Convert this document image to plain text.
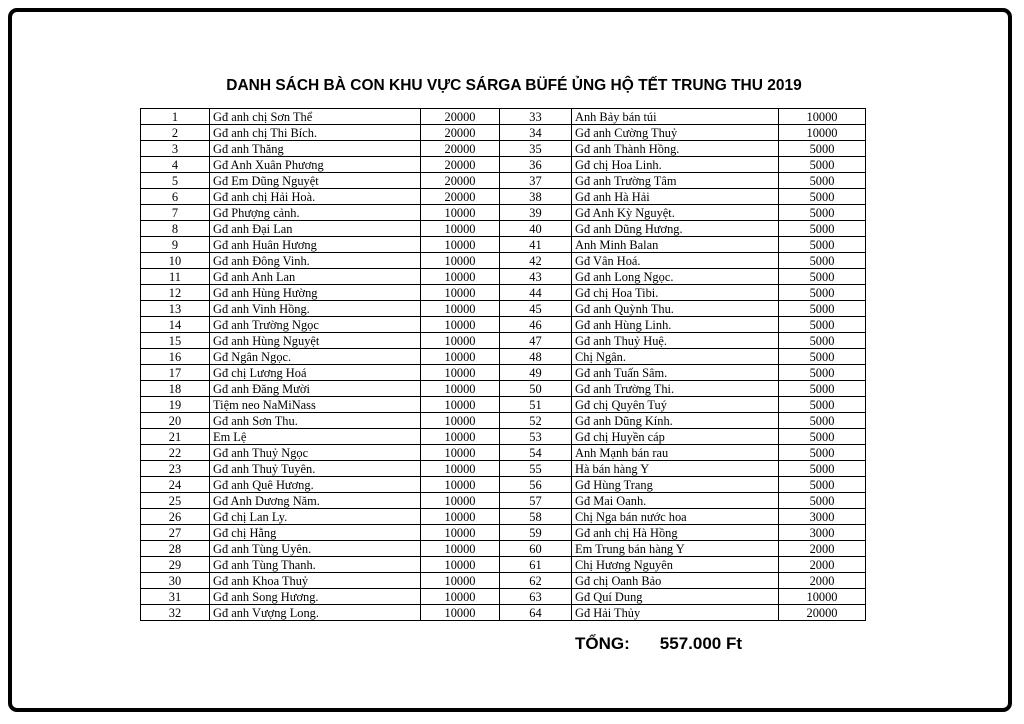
DANH SÁCH BÀ CON KHU VỰC SÁRGA BÜFÉ ỦNG HỘ TẾT TRUNG THU 2019
1	Gđ anh chị Sơn Thể	20000	33	Anh Bảy bán túi	10000
2	Gđ anh chị Thi Bích.	20000	34	Gđ anh Cường Thuỷ	10000
3	Gđ anh Thăng	20000	35	Gđ anh Thành Hồng.	5000
4	Gđ Anh Xuân Phương	20000	36	Gđ chị Hoa Linh.	5000
5	Gđ Em Dũng Nguyệt	20000	37	Gđ anh Trường Tâm	5000
6	Gđ anh chị Hải Hoà.	20000	38	Gđ anh Hà Hải	5000
7	Gđ Phượng cảnh.	10000	39	Gđ Anh Kỳ Nguyệt.	5000
8	Gđ anh Đại Lan	10000	40	Gđ anh Dũng Hương.	5000
9	Gđ anh Huân Hương	10000	41	Anh Minh Balan	5000
10	Gđ anh Đông Vinh.	10000	42	Gđ Vân Hoá.	5000
11	Gđ anh Anh Lan	10000	43	Gđ anh Long Ngọc.	5000
12	Gđ anh Hùng Hường	10000	44	Gđ chị Hoa Tibi.	5000
13	Gđ anh Vinh Hồng.	10000	45	Gđ anh Quỳnh Thu.	5000
14	Gđ anh Trường Ngọc	10000	46	Gđ anh Hùng Linh.	5000
15	Gđ anh Hùng Nguyệt	10000	47	Gđ anh Thuỷ Huệ.	5000
16	Gđ Ngân Ngọc.	10000	48	Chị Ngân.	5000
17	Gđ chị Lương Hoá	10000	49	Gđ anh Tuấn Sâm.	5000
18	Gđ anh Đăng Mười	10000	50	Gđ anh Trường Thi.	5000
19	Tiệm neo NaMiNass	10000	51	Gđ chị Quyên Tuý	5000
20	Gđ anh Sơn Thu.	10000	52	Gđ anh Dũng Kính.	5000
21	Em Lệ	10000	53	Gđ chị Huyền cáp	5000
22	Gđ anh Thuỷ Ngọc	10000	54	Anh Mạnh bán rau	5000
23	Gđ anh Thuỷ Tuyên.	10000	55	Hà bán hàng Y	5000
24	Gđ anh Quê Hương.	10000	56	Gđ Hùng Trang	5000
25	Gđ Anh Dương Năm.	10000	57	Gđ Mai Oanh.	5000
26	Gđ chị Lan Ly.	10000	58	Chị Nga bán nước hoa	3000
27	Gđ chị Hằng	10000	59	Gđ anh chị Hà Hồng	3000
28	Gđ anh Tùng Uyên.	10000	60	Em Trung bán hàng Y	2000
29	Gđ anh Tùng Thanh.	10000	61	Chị Hương Nguyên	2000
30	Gđ anh Khoa Thuỷ	10000	62	Gđ chị Oanh Bảo	2000
31	Gđ anh Song Hương.	10000	63	Gđ Quí Dung	10000
32	Gđ anh Vượng Long.	10000	64	Gđ Hải Thủy	20000
TỔNG: 557.000 Ft
